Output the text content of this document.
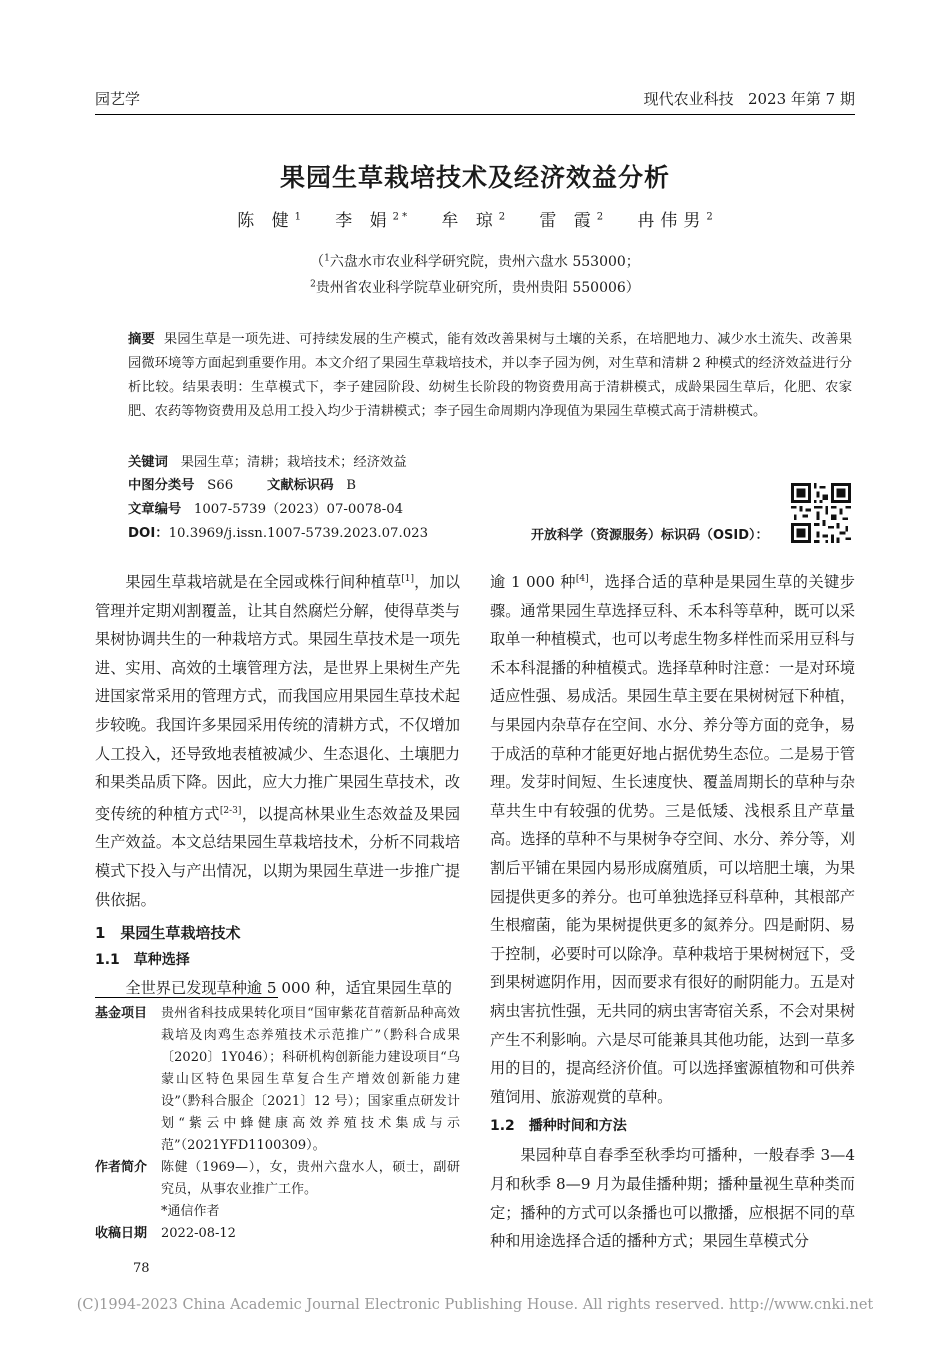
园艺学	现代农业科技 2023 年第 7 期
果园生草栽培技术及经济效益分析
陈 健$^1$ 李 娟$^{2 *}$ 牟 琼$^2$ 雷 霞$^2$ 冉伟男$^2$
（$^1$六盘水市农业科学研究院，贵州六盘水 553000；
$^2$贵州省农业科学院草业研究所，贵州贵阳 550006）
摘要 果园生草是一项先进、可持续发展的生产模式，能有效改善果树与土壤的关系，在培肥地力、减少水土流失、改善果园微环境等方面起到重要作用。本文介绍了果园生草栽培技术，并以李子园为例，对生草和清耕 2 种模式的经济效益进行分析比较。结果表明：生草模式下，李子建园阶段、幼树生长阶段的物资费用高于清耕模式，成龄果园生草后，化肥、农家肥、农药等物资费用及总用工投入均少于清耕模式；李子园生命周期内净现值为果园生草模式高于清耕模式。
关键词 果园生草；清耕；栽培技术；经济效益
中图分类号 S66	文献标识码 B
文章编号 1007-5739（2023）07-0078-04
DOI：10.3969/j.issn.1007-5739.2023.07.023	开放科学（资源服务）标识码（OSID）：

果园生草栽培就是在全园或株行间种植草[1]，加以管理并定期刈割覆盖，让其自然腐烂分解，使得草类与果树协调共生的一种栽培方式。果园生草技术是一项先进、实用、高效的土壤管理方法，是世界上果树生产先进国家常采用的管理方式，而我国应用果园生草技术起步较晚。我国许多果园采用传统的清耕方式，不仅增加人工投入，还导致地表植被减少、生态退化、土壤肥力和果类品质下降。因此，应大力推广果园生草技术，改变传统的种植方式[2-3]，以提高林果业生态效益及果园生产效益。本文总结果园生草栽培技术，分析不同栽培模式下投入与产出情况，以期为果园生草进一步推广提供依据。

1　果园生草栽培技术
1.1　草种选择

全世界已发现草种逾 5 000 种，适宜果园生草的

基金项目	贵州省科技成果转化项目“国审紫花苜蓿新品种高效栽培及肉鸡生态养殖技术示范推广”（黔科合成果〔2020〕1Y046）；科研机构创新能力建设项目“乌蒙山区特色果园生草复合生产增效创新能力建设”（黔科合服企〔2021〕12 号）；国家重点研发计划“紫云中蜂健康高效养殖技术集成与示范”（2021YFD1100309）。
作者简介	陈健（1969—），女，贵州六盘水人，硕士，副研究员，从事农业推广工作。
*通信作者
收稿日期	2022-08-12

逾 1 000 种[4]，选择合适的草种是果园生草的关键步骤。通常果园生草选择豆科、禾本科等草种，既可以采取单一种植模式，也可以考虑生物多样性而采用豆科与禾本科混播的种植模式。选择草种时注意：一是对环境适应性强、易成活。果园生草主要在果树树冠下种植，与果园内杂草存在空间、水分、养分等方面的竞争，易于成活的草种才能更好地占据优势生态位。二是易于管理。发芽时间短、生长速度快、覆盖周期长的草种与杂草共生中有较强的优势。三是低矮、浅根系且产草量高。选择的草种不与果树争夺空间、水分、养分等，刈割后平铺在果园内易形成腐殖质，可以培肥土壤，为果园提供更多的养分。也可单独选择豆科草种，其根部产生根瘤菌，能为果树提供更多的氮养分。四是耐阴、易于控制，必要时可以除净。草种栽培于果树树冠下，受到果树遮阴作用，因而要求有很好的耐阴能力。五是对病虫害抗性强，无共同的病虫害寄宿关系，不会对果树产生不利影响。六是尽可能兼具其他功能，达到一草多用的目的，提高经济价值。可以选择蜜源植物和可供养殖饲用、旅游观赏的草种。

1.2　播种时间和方法

果园种草自春季至秋季均可播种，一般春季 3—4 月和秋季 8—9 月为最佳播种期；播种量视生草种类而定；播种的方式可以条播也可以撒播，应根据不同的草种和用途选择合适的播种方式；果园生草模式分

78
(C)1994-2023 China Academic Journal Electronic Publishing House. All rights reserved. http://www.cnki.net
